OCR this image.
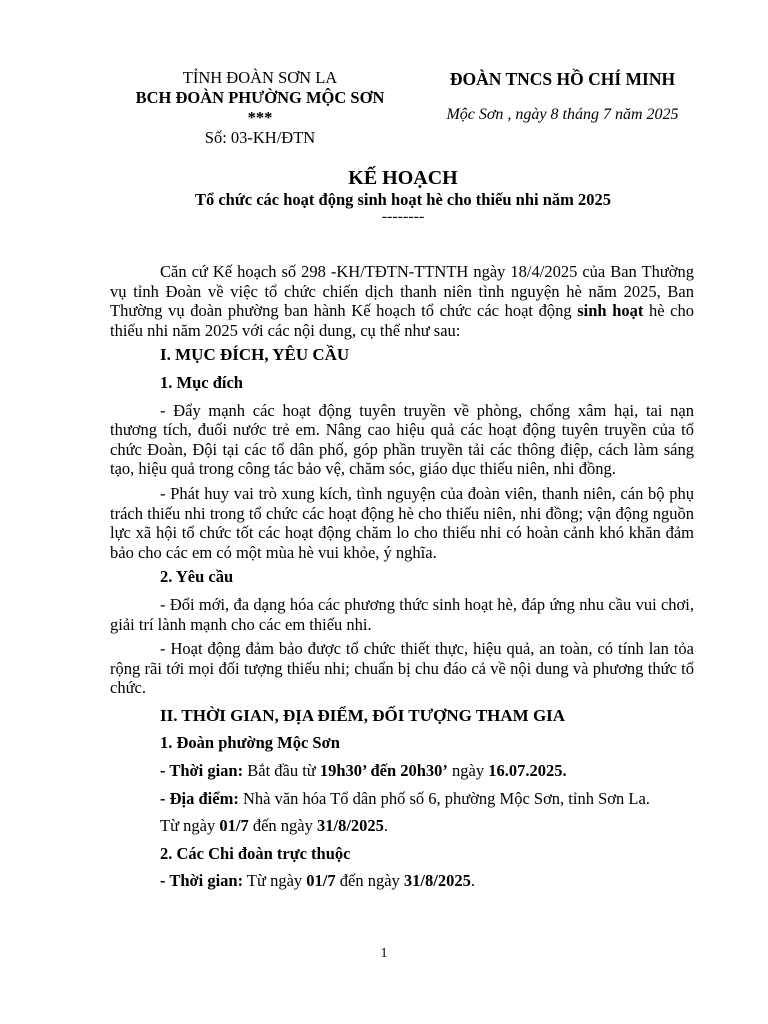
TỈNH ĐOÀN SƠN LA
BCH ĐOÀN PHƯỜNG MỘC SƠN
***
Số: 03-KH/ĐTN
ĐOÀN TNCS HỒ CHÍ MINH
Mộc Sơn , ngày 8 tháng 7 năm 2025
KẾ HOẠCH
Tổ chức các hoạt động sinh hoạt hè cho thiếu nhi năm 2025
--------

Căn cứ Kế hoạch số 298 -KH/TĐTN-TTNTH ngày 18/4/2025 của Ban Thường vụ tỉnh Đoàn về việc tổ chức chiến dịch thanh niên tình nguyện hè năm 2025, Ban Thường vụ đoàn phường ban hành Kế hoạch tổ chức các hoạt động sinh hoạt hè cho thiếu nhi năm 2025 với các nội dung, cụ thể như sau:

I. MỤC ĐÍCH, YÊU CẦU
1. Mục đích

- Đẩy mạnh các hoạt động tuyên truyền về phòng, chống xâm hại, tai nạn thương tích, đuối nước trẻ em. Nâng cao hiệu quả các hoạt động tuyên truyền của tổ chức Đoàn, Đội tại các tổ dân phố, góp phần truyền tải các thông điệp, cách làm sáng tạo, hiệu quả trong công tác bảo vệ, chăm sóc, giáo dục thiếu niên, nhi đồng.

- Phát huy vai trò xung kích, tình nguyện của đoàn viên, thanh niên, cán bộ phụ trách thiếu nhi trong tổ chức các hoạt động hè cho thiếu niên, nhi đồng; vận động nguồn lực xã hội tổ chức tốt các hoạt động chăm lo cho thiếu nhi có hoàn cảnh khó khăn đảm bảo cho các em có một mùa hè vui khỏe, ý nghĩa.

2. Yêu cầu

- Đổi mới, đa dạng hóa các phương thức sinh hoạt hè, đáp ứng nhu cầu vui chơi, giải trí lành mạnh cho các em thiếu nhi.

- Hoạt động đảm bảo được tổ chức thiết thực, hiệu quả, an toàn, có tính lan tỏa rộng rãi tới mọi đối tượng thiếu nhi; chuẩn bị chu đáo cả về nội dung và phương thức tổ chức.

II. THỜI GIAN, ĐỊA ĐIỂM, ĐỐI TƯỢNG THAM GIA
1. Đoàn phường Mộc Sơn
- Thời gian: Bắt đầu từ 19h30’ đến 20h30’ ngày 16.07.2025.
- Địa điểm: Nhà văn hóa Tổ dân phố số 6, phường Mộc Sơn, tỉnh Sơn La.
Từ ngày 01/7 đến ngày 31/8/2025.
2. Các Chi đoàn trực thuộc
- Thời gian: Từ ngày 01/7 đến ngày 31/8/2025.
1
